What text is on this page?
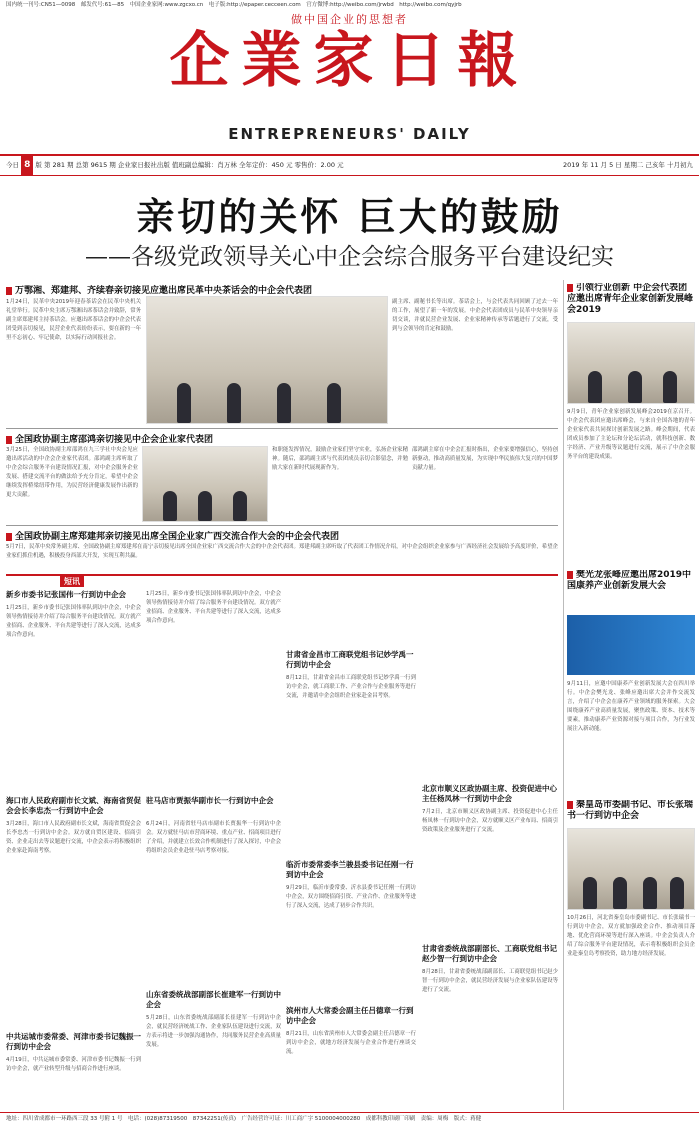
国内统一刊号:CN51—0098　邮发代号:61—85　中国企业家网:www.zgcxo.cn　电子版:http://epaper.cecceen.com　官方微博:http://weibo.com/jrwbd　http://weibo.com/qyjrb
做中国企业的思想者
企業家日報
ENTREPRENEURS' DAILY
今日 8 版 第 281 期 总第 9615 期 企业家日报社出版 值班副总编辑：肖万林 全年定价：450 元 零售价：2.00 元	2019 年 11 月 5 日 星期二 己亥年 十月初九
亲切的关怀 巨大的鼓励
——各级党政领导关心中企会综合服务平台建设纪实
万鄂湘、郑建邦、齐续春亲切接见应邀出席民革中央茶话会的中企会代表团
1月24日，民革中央2019年迎春茶话会在民革中央机关礼堂举行。民革中央主席万鄂湘出席茶话会并致辞，常务副主席郑建邦主持茶话会。应邀出席茶话会的中企会代表团受到亲切接见，民营企业代表纷纷表示，要在新的一年里不忘初心、牢记使命，以实际行动回报社会。
副主席、副秘书长等出席。茶话会上，与会代表共同回顾了过去一年的工作，展望了新一年的发展。中企会代表团成员与民革中央领导亲切交谈，并就民营企业发展、企业家精神传承等话题进行了交流，受到与会领导的肯定和鼓励。
全国政协副主席邵鸿亲切接见中企会企业家代表团
3月25日，全国政协副主席邵鸿在九三学社中央会见应邀出席活动的中企会企业家代表团。邵鸿副主席听取了中企会综合服务平台建设情况汇报，对中企会服务企业发展、搭建交流平台的做法给予充分肯定，希望中企会继续发挥桥梁纽带作用，为民营经济健康发展作出新的更大贡献。
和职能发挥情况，鼓励企业家们坚守实业，弘扬企业家精神。随后，邵鸿副主席与代表团成员亲切合影留念，并勉励大家在新时代展现新作为。
邵鸿副主席在中企会汇报时指出，企业家要增强信心，坚持创新驱动，推动高质量发展，为实现中华民族伟大复兴的中国梦贡献力量。
全国政协副主席郑建邦亲切接见出席全国企业家广西交流合作大会的中企会代表团
5月7日，民革中央常务副主席、全国政协副主席郑建邦在南宁亲切接见出席全国企业家广西交流合作大会的中企会代表团。郑建邦副主席听取了代表团工作情况介绍，对中企会组织企业家参与广西经济社会发展给予高度评价，希望企业家们抓住机遇，积极投身西部大开发，实现互利共赢。
短讯
新乡市委书记张国伟一行到访中企会
1月25日，新乡市委书记张国伟率队到访中企会，中企会领导热情接待并介绍了综合服务平台建设情况。双方就产业招商、企业服务、平台共建等进行了深入交流，达成多项合作意向。
海口市人民政府副市长文斌、海南省贸促会会长李忠杰一行到访中企会
3月28日，海口市人民政府副市长文斌，海南省贸促会会长李忠杰一行到访中企会。双方就自贸区建设、招商引资、企业走出去等议题进行交流，中企会表示将积极组织企业家赴海南考察。
中共运城市委常委、河津市委书记魏振一行到访中企会
4月19日，中共运城市委常委、河津市委书记魏振一行到访中企会，就产业转型升级与招商合作进行座谈。
驻马店市贾振华副市长一行到访中企会
6月24日，河南省驻马店市副市长贾振华一行到访中企会。双方就驻马店市营商环境、重点产业、招商项目进行了介绍，并就建立长效合作机制进行了深入探讨，中企会将组织会员企业赴驻马店考察对接。
山东省委统战部副部长崔建军一行到访中企会
5月28日，山东省委统战部副部长崔建军一行到访中企会，就民营经济统战工作、企业家队伍建设进行交流，双方表示将进一步加强沟通协作，共同服务民营企业高质量发展。
1月25日，新乡市委书记张国伟率队到访中企会，中企会领导热情接待并介绍了综合服务平台建设情况。双方就产业招商、企业服务、平台共建等进行了深入交流，达成多项合作意向。
甘肃省金昌市工商联党组书记妙学禹一行到访中企会
8月12日，甘肃省金昌市工商联党组书记妙学禹一行到访中企会，就工商联工作、产业合作与企业服务等进行交流，并邀请中企会组织企业家赴金昌考察。
临沂市委常委李兰骏县委书记任刚一行到访中企会
9月29日，临沂市委常委、沂水县委书记任刚一行到访中企会，双方围绕招商引资、产业合作、企业服务等进行了深入交流，达成了初步合作共识。
滨州市人大常委会副主任吕德章一行到访中企会
8月21日，山东省滨州市人大常委会副主任吕德章一行到访中企会，就地方经济发展与企业合作进行座谈交流。
北京市顺义区政协副主席、投资促进中心主任杨凤林一行到访中企会
7月2日，北京市顺义区政协副主席、投资促进中心主任杨凤林一行到访中企会，双方就顺义区产业布局、招商引资政策及企业服务进行了交流。
甘肃省委统战部副部长、工商联党组书记赵少智一行到访中企会
8月28日，甘肃省委统战部副部长、工商联党组书记赵少智一行到访中企会，就民营经济发展与企业家队伍建设等进行了交流。
引领行业创新 中企会代表团应邀出席青年企业家创新发展峰会2019
9月9日，青年企业家创新发展峰会2019在京召开。中企会代表团应邀出席峰会，与来自全国各地的青年企业家代表共同探讨创新发展之路。峰会期间，代表团成员参加了主论坛和分论坛活动，就科技创新、数字经济、产业升级等议题进行交流，展示了中企会服务平台的建设成果。
樊光龙张峰应邀出席2019中国康养产业创新发展大会
9月11日，应邀中国康养产业创新发展大会在四川举行。中企会樊光龙、张峰应邀出席大会并作交流发言，介绍了中企会在康养产业领域的服务探索。大会围绕康养产业高质量发展，聚焦政策、资本、技术等要素，推动康养产业资源对接与项目合作，为行业发展注入新动能。
秦皇岛市委副书记、市长张瑞书一行到访中企会
10月26日，河北省秦皇岛市委副书记、市长张瑞书一行到访中企会，双方就加强政企合作、推动项目落地、优化营商环境等进行深入座谈。中企会负责人介绍了综合服务平台建设情况，表示将积极组织会员企业赴秦皇岛考察投资，助力地方经济发展。
地址：四川省成都市一环路西三段 33 号附 1 号　电话：(028)87319500　87342251(传真)　广告经营许可证：川工商广字 5100004000280　成都科教印刷厂印刷　责编：周梅　版式：蒋健
